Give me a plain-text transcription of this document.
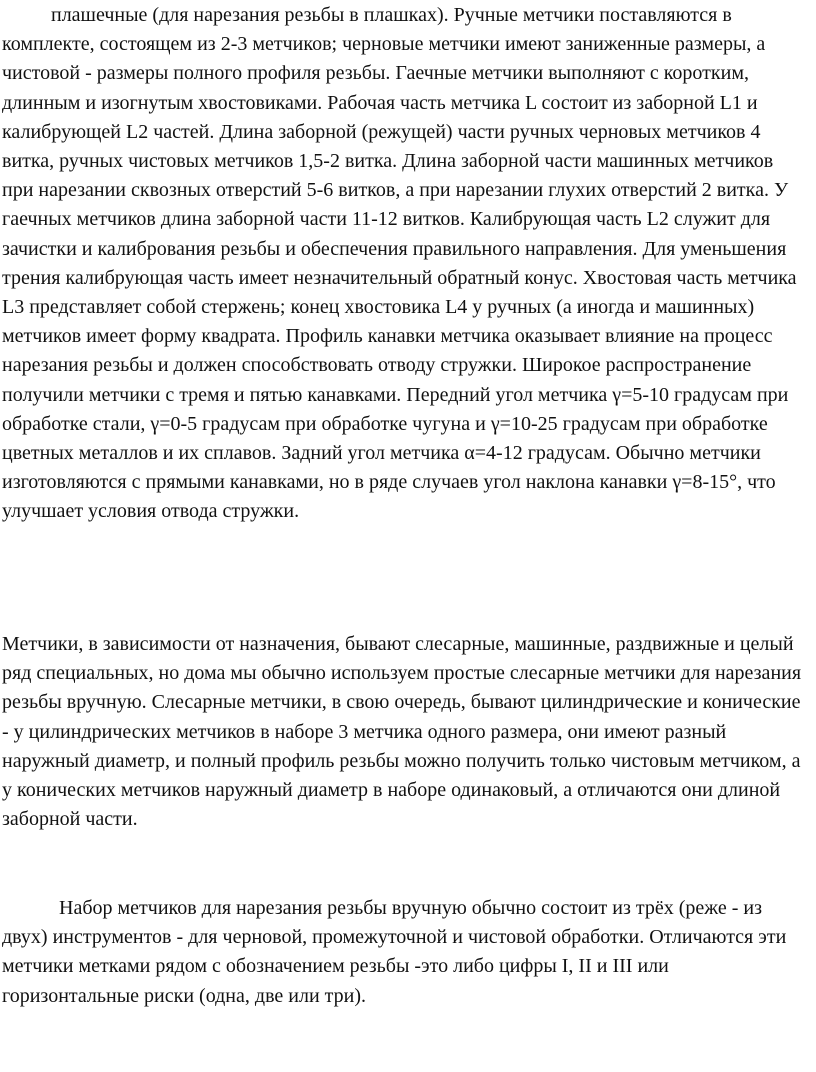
плашечные (для нарезания резьбы в плашках). Ручные метчики поставляются в комплекте, состоящем из 2-3 метчиков; черновые метчики имеют заниженные размеры, а чистовой - размеры полного профиля резьбы. Гаечные метчики выполняют с коротким, длинным и изогнутым хвостовиками. Рабочая часть метчика L состоит из заборной L1 и калибрующей L2 частей. Длина заборной (режущей) части ручных черновых метчиков 4 витка, ручных чистовых метчиков 1,5-2 витка. Длина заборной части машинных метчиков при нарезании сквозных отверстий 5-6 витков, а при нарезании глухих отверстий 2 витка. У гаечных метчиков длина заборной части 11-12 витков. Калибрующая часть L2 служит для зачистки и калибрования резьбы и обеспечения правильного направления. Для уменьшения трения калибрующая часть имеет незначительный обратный конус. Хвостовая часть метчика L3 представляет собой стержень; конец хвостовика L4 у ручных (а иногда и машинных) метчиков имеет форму квадрата. Профиль канавки метчика оказывает влияние на процесс нарезания резьбы и должен способствовать отводу стружки. Широкое распространение получили метчики с тремя и пятью канавками. Передний угол метчика γ=5-10 градусам при обработке стали, γ=0-5 градусам при обработке чугуна и γ=10-25 градусам при обработке цветных металлов и их сплавов. Задний угол метчика α=4-12 градусам. Обычно метчики изготовляются с прямыми канавками, но в ряде случаев угол наклона канавки γ=8-15°, что улучшает условия отвода стружки.

Метчики, в зависимости от назначения, бывают слесарные, машинные, раздвижные и целый ряд специальных, но дома мы обычно используем простые слесарные метчики для нарезания резьбы вручную. Слесарные метчики, в свою очередь, бывают цилиндрические и конические - у цилиндрических метчиков в наборе 3 метчика одного размера, они имеют разный наружный диаметр, и полный профиль резьбы можно получить только чистовым метчиком, а у конических метчиков наружный диаметр в наборе одинаковый, а отличаются они длиной заборной части.

Набор метчиков для нарезания резьбы вручную обычно состоит из трёх (реже - из двух) инструментов - для черновой, промежуточной и чистовой обработки. Отличаются эти метчики метками рядом с обозначением резьбы -это либо цифры I, II и III или горизонтальные риски (одна, две или три).
